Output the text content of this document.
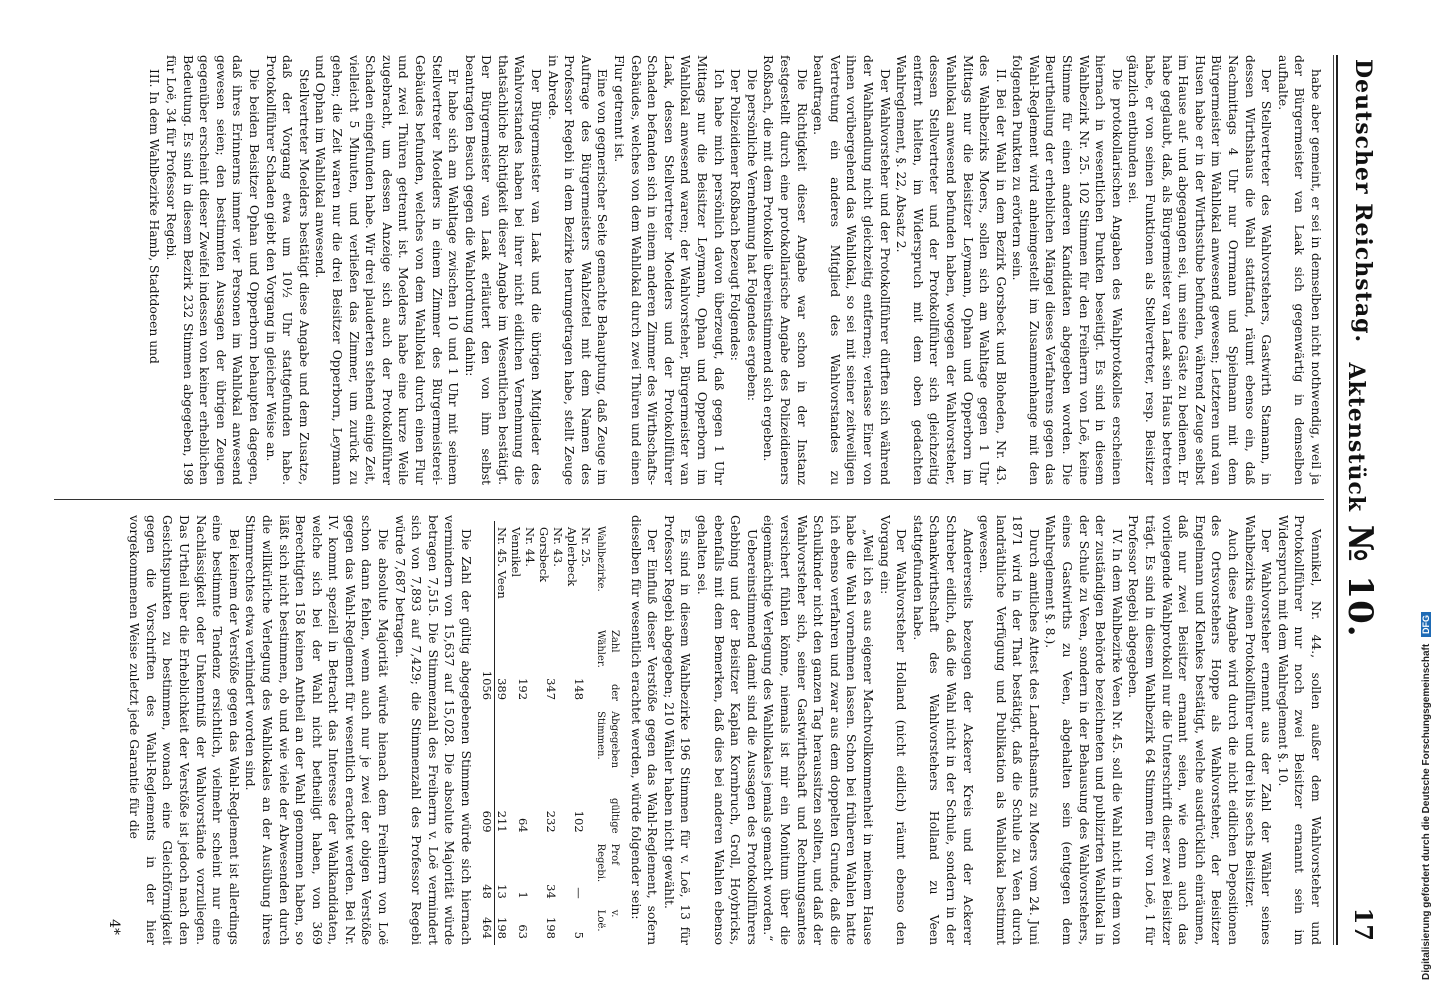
Deutscher Reichstag.
Aktenstück № 10.
17

habe aber gemeint, er sei in demselben nicht nothwendig, weil ja der Bürgermeister van Laak sich gegenwärtig in demselben aufhalte.

Der Stellvertreter des Wahlvorstehers, Gastwirth Stamann, in dessen Wirthshaus die Wahl stattfand, räumt ebenso ein, daß Nachmittags 4 Uhr nur Orrmann und Spielmann mit dem Bürgermeister im Wahllokal anwesend gewesen; Letzteren und van Husen habe er in der Wirthsstube befunden, während Zeuge selbst im Hause auf- und abgegangen sei, um seine Gäste zu bedienen. Er habe geglaubt, daß, als Bürgermeister van Laak sein Haus betreten habe, er von seinen Funktionen als Stellvertreter, resp. Beisitzer gänzlich entbunden sei.

Die protokollarischen Angaben des Wahlprotokolles erscheinen hiernach in wesentlichen Punkten beseitigt. Es sind in diesem Wahlbezirk Nr. 25. 102 Stimmen für den Freiherrn von Loë, keine Stimme für einen anderen Kandidaten abgegeben worden. Die Beurtheilung der erheblichen Mängel dieses Verfahrens gegen das Wahl-Reglement wird anheimgestellt im Zusammenhange mit den folgenden Punkten zu erörtern sein.

II. Bei der Wahl in dem Bezirk Gorsbeck und Bloheden, Nr. 43. des Wahlbezirks Moers, sollen sich am Wahltage gegen 1 Uhr Mittags nur die Beisitzer Leymann, Ophan und Opperborn im Wahllokal anwesend befunden haben, wogegen der Wahlvorsteher, dessen Stellvertreter und der Protokollführer sich gleichzeitig entfernt hielten, im Widerspruch mit dem oben gedachten Wahlreglement, §. 22, Absatz 2.

Der Wahlvorsteher und der Protokollführer dürften sich während der Wahlhandlung nicht gleichzeitig entfernen; verlasse Einer von ihnen vorübergehend das Wahllokal, so sei mit seiner zeitweiligen Vertretung ein anderes Mitglied des Wahlvorstandes zu beauftragen.

Die Richtigkeit dieser Angabe war schon in der Instanz festgestellt durch eine protokollarische Angabe des Polizeidieners Roßbach, die mit dem Protokolle übereinstimmend sich ergeben.

Die persönliche Vernehmung hat Folgendes ergeben:

Der Polizeidiener Roßbach bezeugt Folgendes:

Ich habe mich persönlich davon überzeugt, daß gegen 1 Uhr Mittags nur die Beisitzer Leymann, Ophan und Opperborn im Wahllokal anwesend waren; der Wahlvorsteher, Bürgermeister van Laak, dessen Stellvertreter Moelders und der Protokollführer Schaden befanden sich in einem anderen Zimmer des Wirthschafts-Gebäudes, welches von dem Wahllokal durch zwei Thüren und einen Flur getrennt ist.

Eine von gegnerischer Seite gemachte Behauptung, daß Zeuge im Auftrage des Bürgermeisters Wahlzettel mit dem Namen des Professor Regebi in dem Bezirke herumgetragen habe, stellt Zeuge in Abrede.

Der Bürgermeister van Laak und die übrigen Mitglieder des Wahlvorstandes haben bei ihrer nicht eidlichen Vernehmung die thatsächliche Richtigkeit dieser Angabe im Wesentlichen bestätigt. Der Bürgermeister van Laak erläutert den von ihm selbst beantragten Besuch gegen die Wahlordnung dahin:

Er habe sich am Wahltage zwischen 10 und 1 Uhr mit seinem Stellvertreter Moelders in einem Zimmer des Bürgermeisterei-Gebäudes befunden, welches von dem Wahllokal durch einen Flur und zwei Thüren getrennt ist. Moelders habe eine kurze Weile zugebracht, um dessen Anzeige sich auch der Protokollführer Schaden eingefunden habe. Wir drei plauderten stehend einige Zeit, vielleicht 5 Minuten, und verließen das Zimmer, um zurück zu gehen; die Zeit waren nur die drei Beisitzer Opperborn, Leymann und Ophan im Wahllokal anwesend.

Stellvertreter Moelders bestätigt diese Angabe und dem Zusatze, daß der Vorgang etwa um 10½ Uhr stattgefunden habe. Protokollführer Schaden giebt den Vorgang in gleicher Weise an.

Die beiden Beisitzer Ophan und Opperborn behaupten dagegen, daß ihres Erinnerns immer vier Personen im Wahllokal anwesend gewesen seien; den bestimmten Aussagen der übrigen Zeugen gegenüber erscheint dieser Zweifel indessen von keiner erheblichen Bedeutung. Es sind in diesem Bezirk 232 Stimmen abgegeben, 198 für Loë, 34 für Professor Regebi.

III. In dem Wahlbezirke Hamb, Stadtdoeen und

Vennikel, Nr. 44., sollen außer dem Wahlvorsteher und Protokollführer nur noch zwei Beisitzer ernannt sein im Widerspruch mit dem Wahlreglement §. 10.

Der Wahlvorsteher ernennt aus der Zahl der Wähler seines Wahlbezirks einen Protokollführer und drei bis sechs Beisitzer.

Auch diese Angabe wird durch die nicht eidlichen Depositionen des Ortsvorstehers Hoppe als Wahlvorsteher, der Beisitzer Engelmann und Klenkes bestätigt, welche ausdrücklich einräumen, daß nur zwei Beisitzer ernannt seien, wie denn auch das vorliegende Wahlprotokoll nur die Unterschrift dieser zwei Beisitzer trägt. Es sind in diesem Wahlbezirk 64 Stimmen für von Loë, 1 für Professor Regebi abgegeben.

IV. In dem Wahlbezirke Veen Nr. 45. soll die Wahl nicht in dem von der zuständigen Behörde bezeichneten und publizirten Wahllokal in der Schule zu Veen, sondern in der Behausung des Wahlvorstehers, eines Gastwirths zu Veen, abgehalten sein (entgegen dem Wahlreglement §. 8.).

Durch amtliches Attest des Landrathsamts zu Moers vom 24. Juni 1871 wird in der That bestätigt, daß die Schule zu Veen durch landräthliche Verfügung und Publikation als Wahllokal bestimmt gewesen.

Andererseits bezeugen der Ackerer Kreis und der Ackerer Schreber eidlich, daß die Wahl nicht in der Schule, sondern in der Schankwirthschaft des Wahlvorstehers Holland zu Veen stattgefunden habe.

Der Wahlvorsteher Holland (nicht eidlich) räumt ebenso den Vorgang ein:

„Weil ich es aus eigener Machtvollkommenheit in meinem Hause habe die Wahl vornehmen lassen. Schon bei früheren Wahlen hatte ich ebenso verfahren und zwar aus dem doppelten Grunde, daß die Schulkinder nicht den ganzen Tag heraussitzen sollten, und daß der Wahlvorsteher sich, seiner Gastwirthschaft und Rechnungsamtes versichert fühlen könne, niemals ist mir ein Monitum über die eigenmächtige Verlegung des Wahllokales jemals gemacht worden.“

Uebereinstimmend damit sind die Aussagen des Protokollführers Gebbing und der Beisitzer Kaplan Kornbruch, Groll, Hoybricks, ebenfalls mit dem Bemerken, daß dies bei anderen Wahlen ebenso gehalten sei.

Es sind in diesem Wahlbezirke 196 Stimmen für v. Loë, 13 für Professor Regebi abgegeben; 210 Wähler haben nicht gewählt.

Der Einfluß dieser Verstöße gegen das Wahl-Reglement, sofern dieselben für wesentlich erachtet werden, würde folgender sein:

Wahlbezirke.	Zahl der Wähler.	Abgegeben gültige Stimmen.	Prof Regebi.	v. Loë.
Nr. 25. Aplerbeck	148	102	—	5
Nr. 43. Gorsbeck	347	232	34	198
Nr. 44. Vennikel	192	64	1	63
Nr. 45. Veen	389	211	13	198
	1056	609	48	464

Die Zahl der gültig abgegebenen Stimmen würde sich hiernach vermindern von 15,637 auf 15,028. Die absolute Majorität würde betragen 7,515. Die Stimmenzahl des Freiherrn v. Loë vermindert sich von 7,893 auf 7,429; die Stimmenzahl des Professor Regebi würde 7,687 betragen.

Die absolute Majorität würde hienach dem Freiherrn von Loë schon dann fehlen, wenn auch nur je zwei der obigen Verstöße gegen das Wahl-Reglement für wesentlich erachtet werden. Bei Nr. IV. kommt speziell in Betracht das Interesse der Wahlkandidaten, welche sich bei der Wahl nicht betheiligt haben, von 369 Berechtigten 158 keinen Antheil an der Wahl genommen haben, so läßt sich nicht bestimmen, ob und wie viele der Abwesenden durch die willkürliche Verlegung des Wahllokales an der Ausübung ihres Stimmrechtes etwa verhindert worden sind.

Bei keinem der Verstöße gegen das Wahl-Reglement ist allerdings eine bestimmte Tendenz ersichtlich, vielmehr scheint nur eine Nachlässigkeit oder Unkenntniß der Wahlvorstände vorzuliegen. Das Urtheil über die Erheblichkeit der Verstöße ist jedoch nach den Gesichtspunkten zu bestimmen, wonach eine Gleichförmigkeit gegen die Vorschriften des Wahl-Reglements in der hier vorgekommenen Weise zuletzt jede Garantie für die

4*	Digitalisierung gefördert durch die Deutsche Forschungsgemeinschaft DFG
